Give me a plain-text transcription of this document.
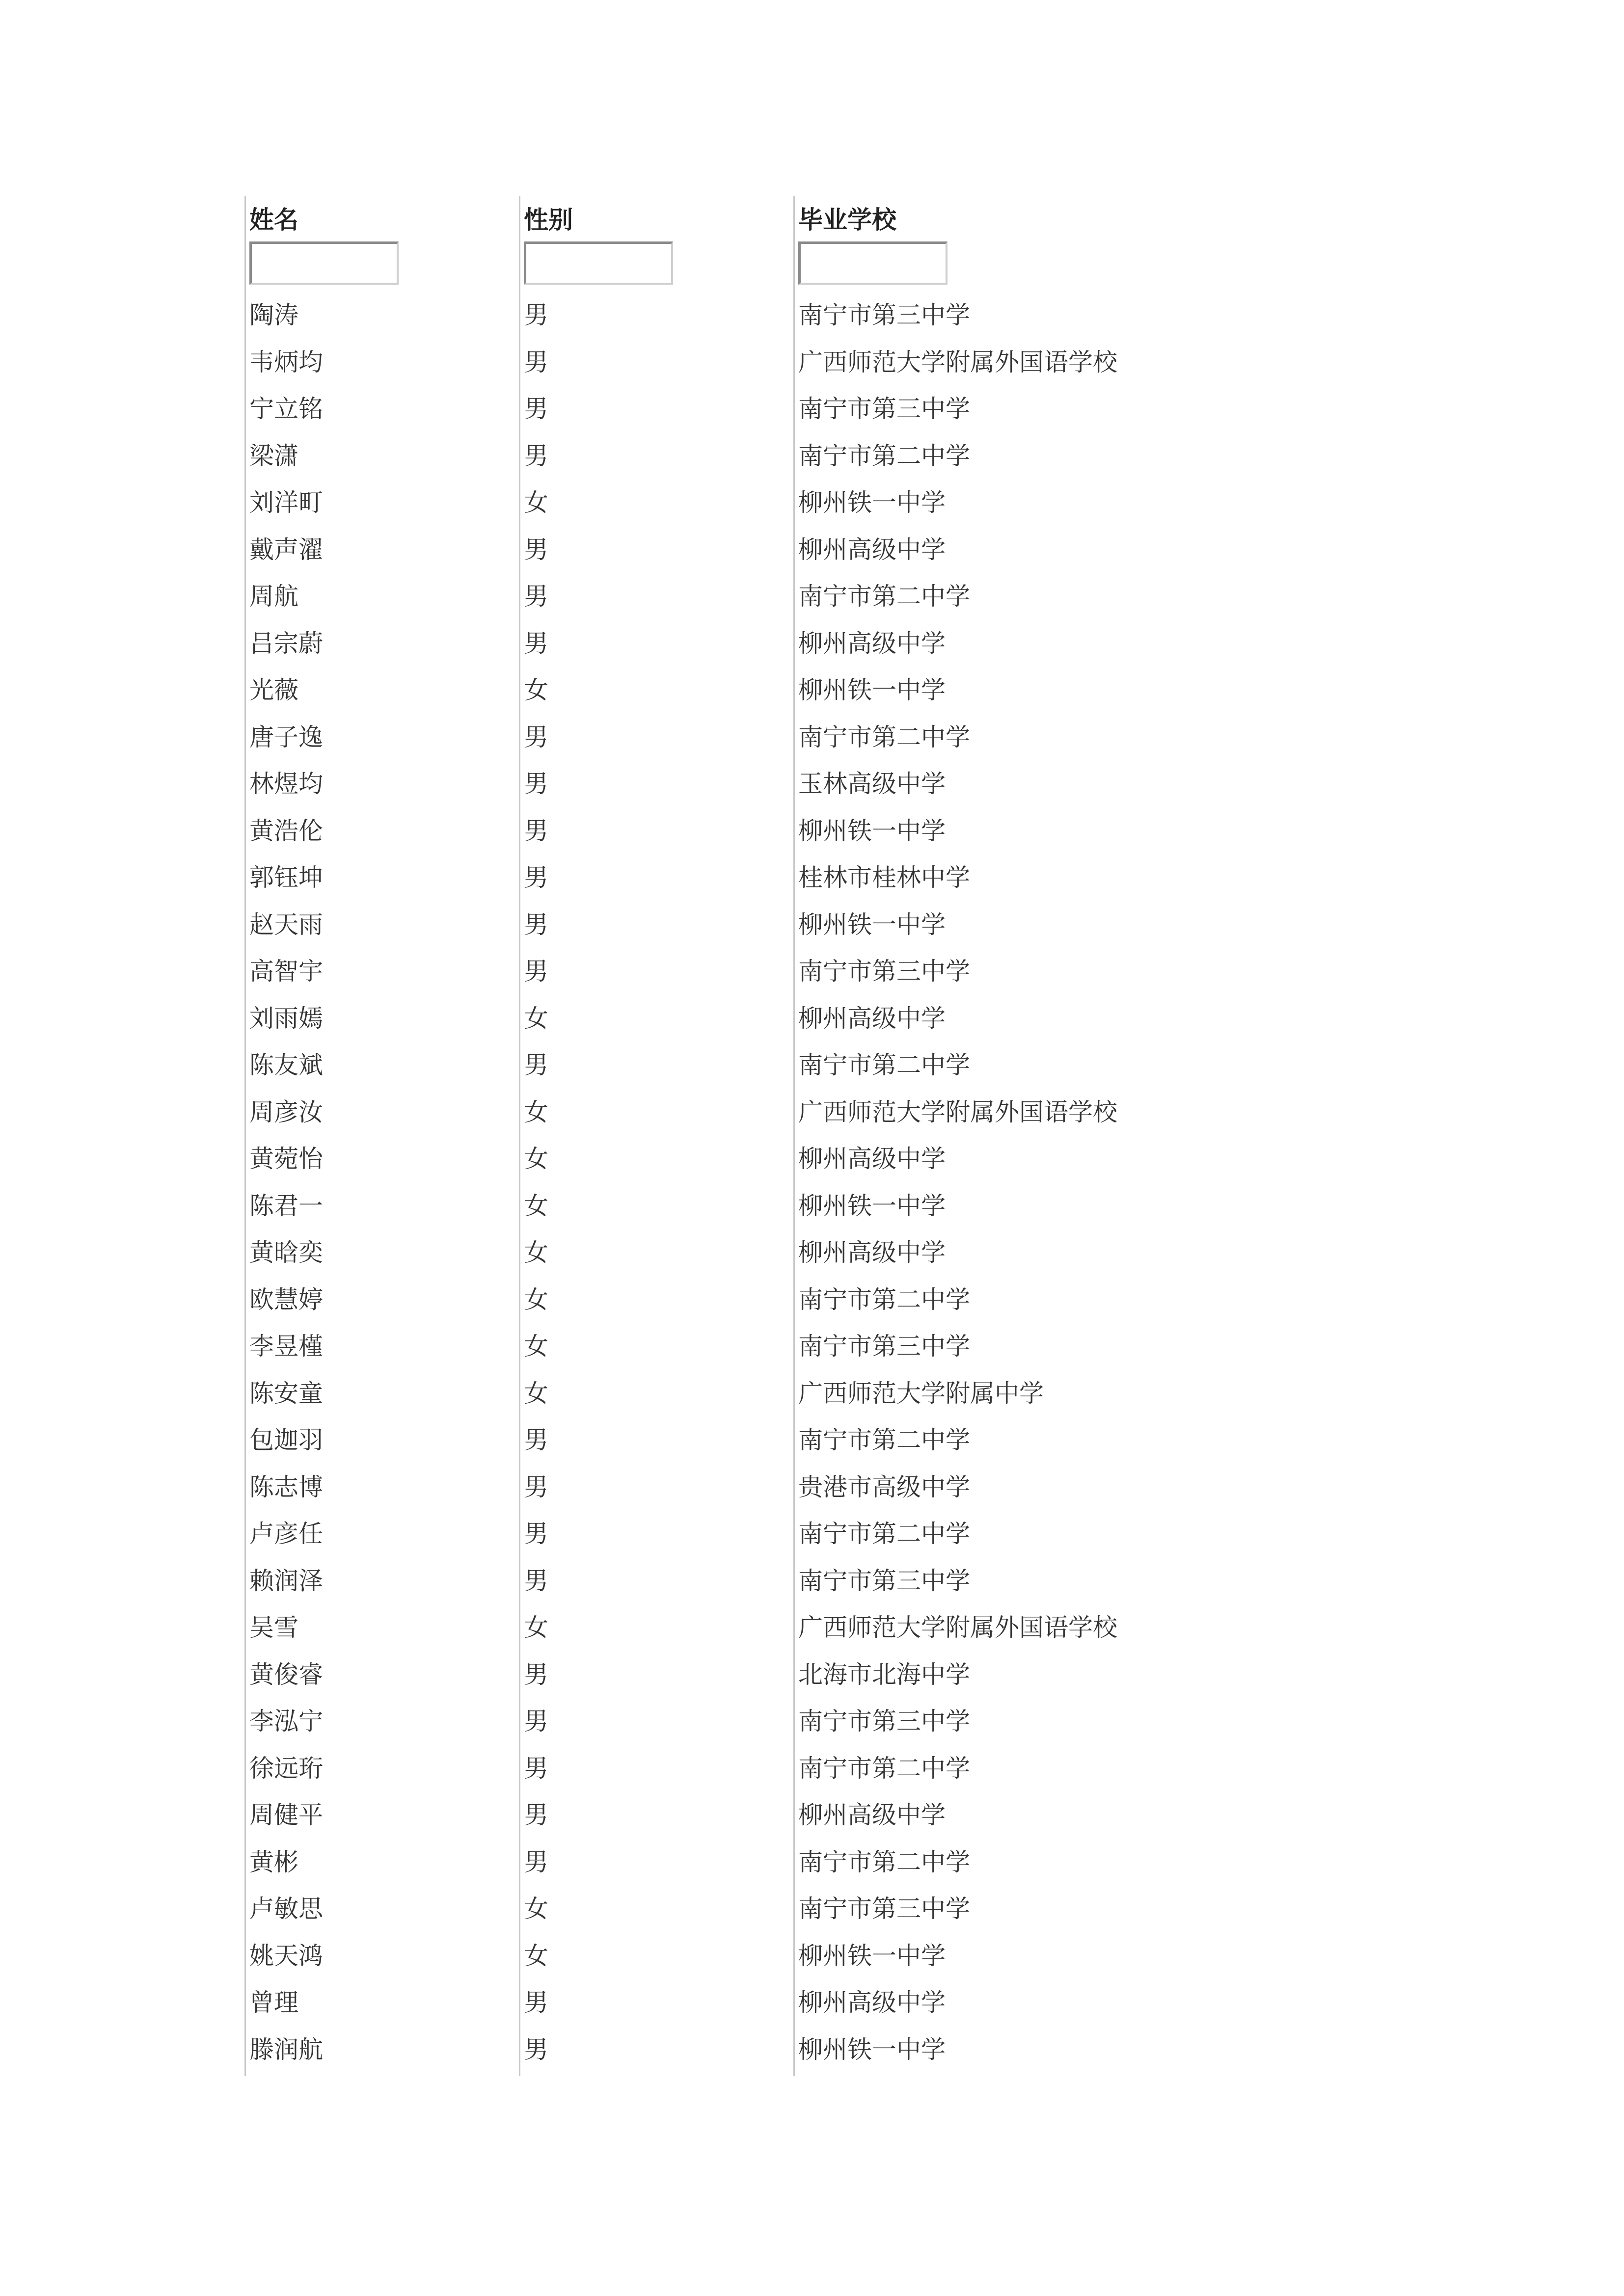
姓名	性别	毕业学校
陶涛	男	南宁市第三中学
韦炳均	男	广西师范大学附属外国语学校
宁立铭	男	南宁市第三中学
梁潇	男	南宁市第二中学
刘洋町	女	柳州铁一中学
戴声濯	男	柳州高级中学
周航	男	南宁市第二中学
吕宗蔚	男	柳州高级中学
光薇	女	柳州铁一中学
唐子逸	男	南宁市第二中学
林煜均	男	玉林高级中学
黄浩伦	男	柳州铁一中学
郭钰坤	男	桂林市桂林中学
赵天雨	男	柳州铁一中学
高智宇	男	南宁市第三中学
刘雨嫣	女	柳州高级中学
陈友斌	男	南宁市第二中学
周彦汝	女	广西师范大学附属外国语学校
黄菀怡	女	柳州高级中学
陈君一	女	柳州铁一中学
黄晗奕	女	柳州高级中学
欧慧婷	女	南宁市第二中学
李昱槿	女	南宁市第三中学
陈安童	女	广西师范大学附属中学
包迦羽	男	南宁市第二中学
陈志博	男	贵港市高级中学
卢彦任	男	南宁市第二中学
赖润泽	男	南宁市第三中学
吴雪	女	广西师范大学附属外国语学校
黄俊睿	男	北海市北海中学
李泓宁	男	南宁市第三中学
徐远珩	男	南宁市第二中学
周健平	男	柳州高级中学
黄彬	男	南宁市第二中学
卢敏思	女	南宁市第三中学
姚天鸿	女	柳州铁一中学
曾理	男	柳州高级中学
滕润航	男	柳州铁一中学
